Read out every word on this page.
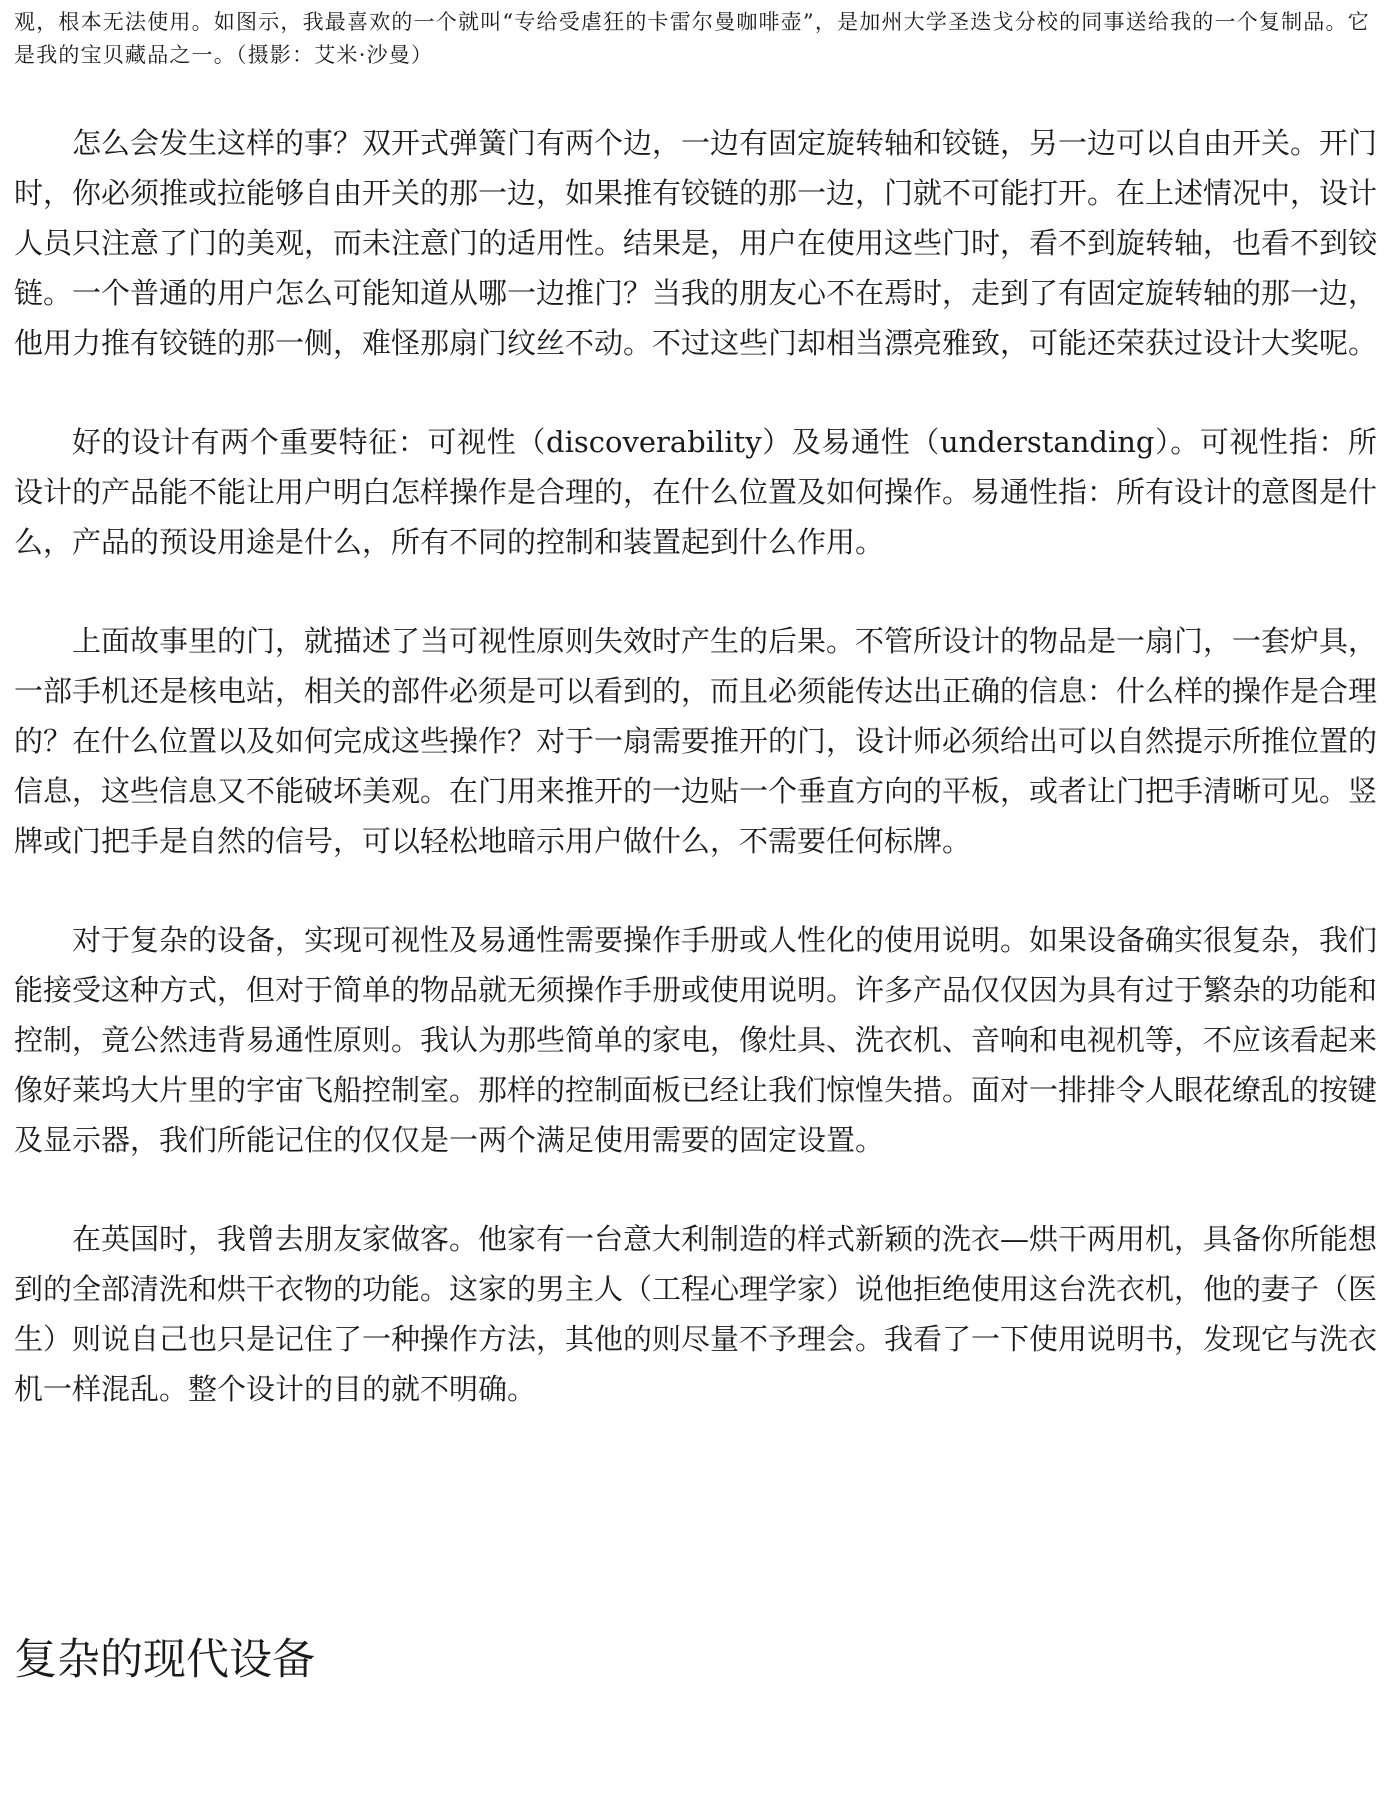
观，根本无法使用。如图示，我最喜欢的一个就叫“专给受虐狂的卡雷尔曼咖啡壶”，是加州大学圣迭戈分校的同事送给我的一个复制品。它是我的宝贝藏品之一。（摄影：艾米·沙曼）

怎么会发生这样的事？双开式弹簧门有两个边，一边有固定旋转轴和铰链，另一边可以自由开关。开门时，你必须推或拉能够自由开关的那一边，如果推有铰链的那一边，门就不可能打开。在上述情况中，设计人员只注意了门的美观，而未注意门的适用性。结果是，用户在使用这些门时，看不到旋转轴，也看不到铰链。一个普通的用户怎么可能知道从哪一边推门？当我的朋友心不在焉时，走到了有固定旋转轴的那一边，他用力推有铰链的那一侧，难怪那扇门纹丝不动。不过这些门却相当漂亮雅致，可能还荣获过设计大奖呢。

好的设计有两个重要特征：可视性（discoverability）及易通性（understanding）。可视性指：所设计的产品能不能让用户明白怎样操作是合理的，在什么位置及如何操作。易通性指：所有设计的意图是什么，产品的预设用途是什么，所有不同的控制和装置起到什么作用。

上面故事里的门，就描述了当可视性原则失效时产生的后果。不管所设计的物品是一扇门，一套炉具，一部手机还是核电站，相关的部件必须是可以看到的，而且必须能传达出正确的信息：什么样的操作是合理的？在什么位置以及如何完成这些操作？对于一扇需要推开的门，设计师必须给出可以自然提示所推位置的信息，这些信息又不能破坏美观。在门用来推开的一边贴一个垂直方向的平板，或者让门把手清晰可见。竖牌或门把手是自然的信号，可以轻松地暗示用户做什么，不需要任何标牌。

对于复杂的设备，实现可视性及易通性需要操作手册或人性化的使用说明。如果设备确实很复杂，我们能接受这种方式，但对于简单的物品就无须操作手册或使用说明。许多产品仅仅因为具有过于繁杂的功能和控制，竟公然违背易通性原则。我认为那些简单的家电，像灶具、洗衣机、音响和电视机等，不应该看起来像好莱坞大片里的宇宙飞船控制室。那样的控制面板已经让我们惊惶失措。面对一排排令人眼花缭乱的按键及显示器，我们所能记住的仅仅是一两个满足使用需要的固定设置。

在英国时，我曾去朋友家做客。他家有一台意大利制造的样式新颖的洗衣—烘干两用机，具备你所能想到的全部清洗和烘干衣物的功能。这家的男主人（工程心理学家）说他拒绝使用这台洗衣机，他的妻子（医生）则说自己也只是记住了一种操作方法，其他的则尽量不予理会。我看了一下使用说明书，发现它与洗衣机一样混乱。整个设计的目的就不明确。

复杂的现代设备
